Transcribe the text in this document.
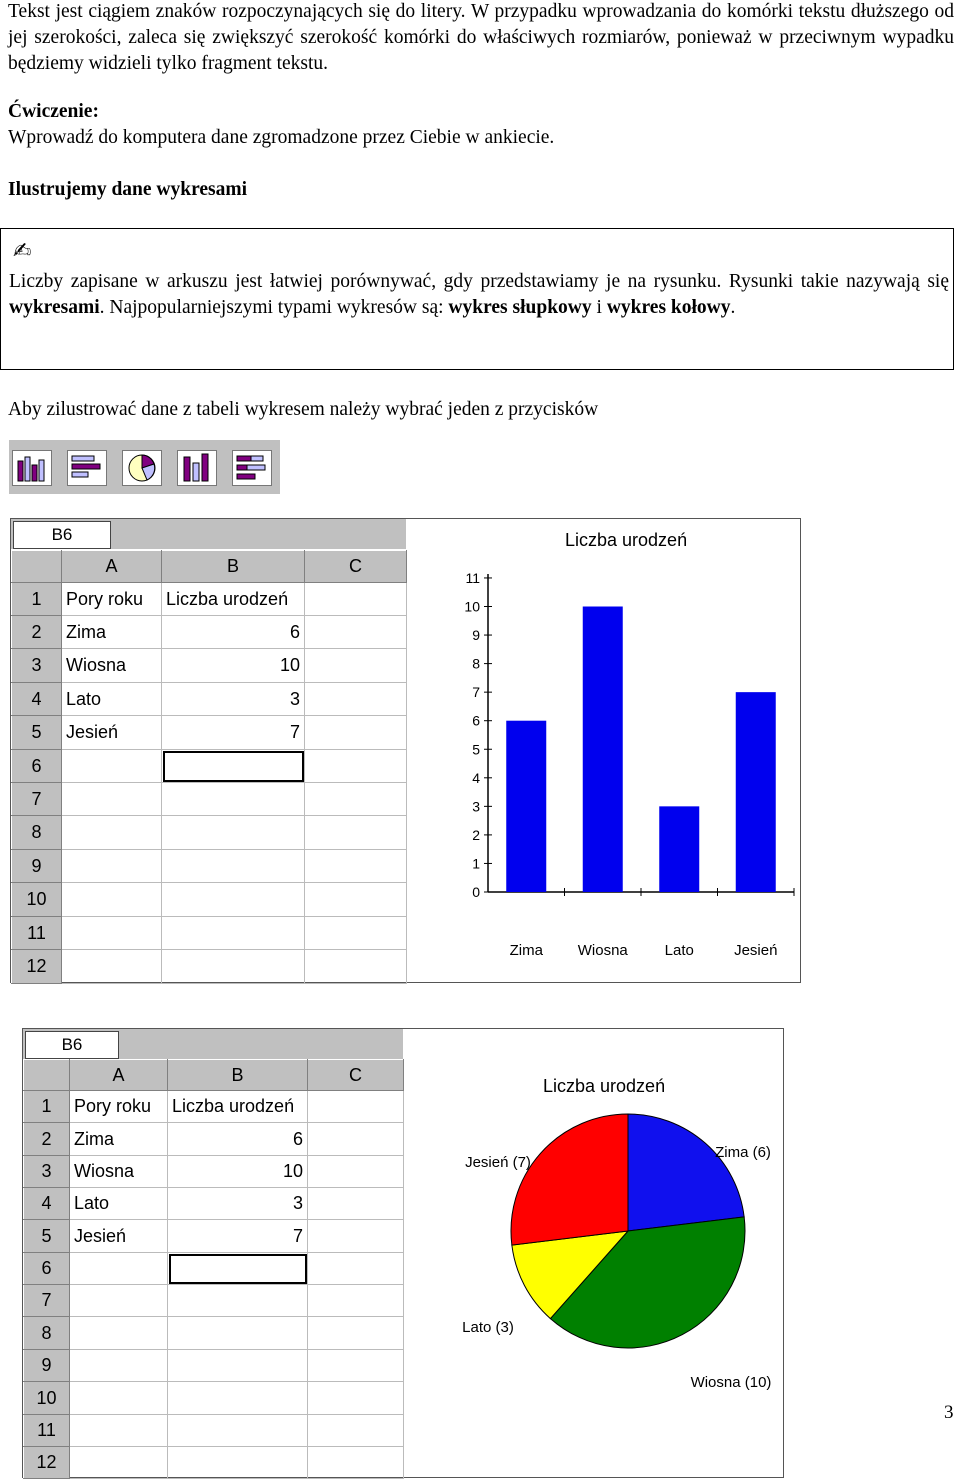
Tekst jest ciągiem znaków rozpoczynających się do litery. W przypadku wprowadzania do komórki tekstu dłuższego od jej szerokości, zaleca się zwiększyć szerokość komórki do właściwych rozmiarów, ponieważ w przeciwnym wypadku będziemy widzieli tylko fragment tekstu.
Ćwiczenie:
Wprowadź do komputera dane zgromadzone przez Ciebie w ankiecie.
Ilustrujemy dane wykresami
✍
Liczby zapisane w arkuszu jest łatwiej porównywać, gdy przedstawiamy je na rysunku. Rysunki takie nazywają się wykresami. Najpopularniejszymi typami wykresów są: wykres słupkowy i wykres kołowy.
Aby zilustrować dane z tabeli wykresem należy wybrać jeden z przycisków
B6
	A	B	C
1	Pory roku	Liczba urodzeń	
2	Zima	6	
3	Wiosna	10	
4	Lato	3	
5	Jesień	7	
6			
7			
8			
9			
10			
11			
12			
Liczba urodzeń
0
1
2
3
4
5
6
7
8
9
10
11
Zima Wiosna Lato	Jesień
B6
	A	B	C
1	Pory roku	Liczba urodzeń	
2	Zima	6	
3	Wiosna	10	
4	Lato	3	
5	Jesień	7	
6			
7			
8			
9			
10			
11			
12			
Liczba urodzeń
Zima (6)
Wiosna (10)
Lato (3)
Jesień (7)
3
